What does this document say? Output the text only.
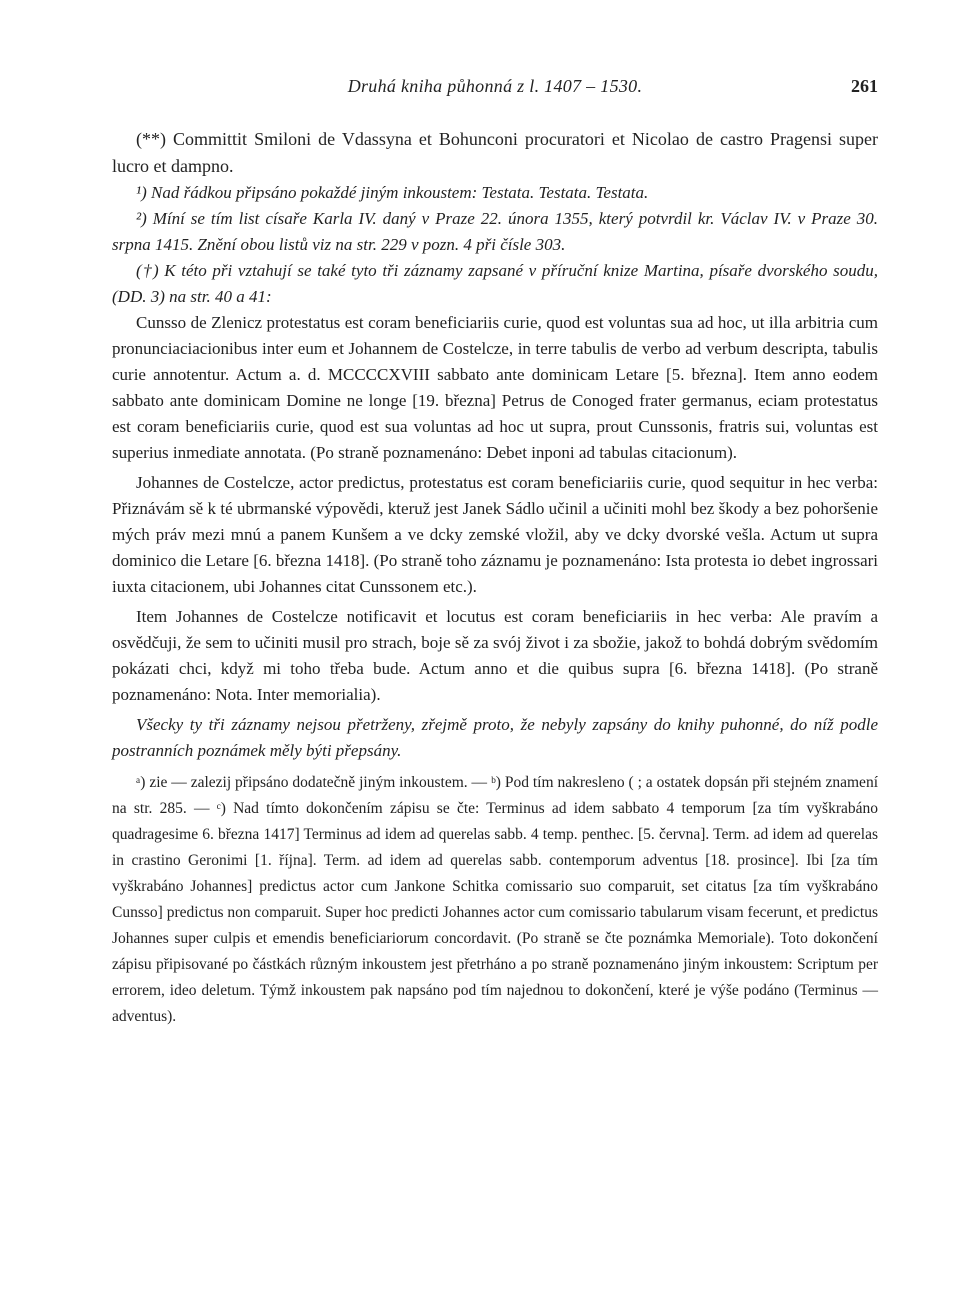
Druhá kniha půhonná z l. 1407 – 1530.	261

(**) Committit Smiloni de Vdassyna et Bohunconi procuratori et Nicolao de castro Pragensi super lucro et dampno.

¹) Nad řádkou připsáno pokaždé jiným inkoustem: Testata. Testata. Testata.

²) Míní se tím list císaře Karla IV. daný v Praze 22. února 1355, který potvrdil kr. Václav IV. v Praze 30. srpna 1415. Znění obou listů viz na str. 229 v pozn. 4 při čísle 303.

(†) K této při vztahují se také tyto tři záznamy zapsané v příruční knize Martina, písaře dvorského soudu, (DD. 3) na str. 40 a 41:

Cunsso de Zlenicz protestatus est coram beneficiariis curie, quod est voluntas sua ad hoc, ut illa arbitria cum pronunciaciacionibus inter eum et Johannem de Costelcze, in terre tabulis de verbo ad verbum descripta, tabulis curie annotentur. Actum a. d. MCCCCXVIII sabbato ante dominicam Letare [5. března]. Item anno eodem sabbato ante dominicam Domine ne longe [19. března] Petrus de Conoged frater germanus, eciam protestatus est coram beneficiariis curie, quod est sua voluntas ad hoc ut supra, prout Cunssonis, fratris sui, voluntas est superius inmediate annotata. (Po straně poznamenáno: Debet inponi ad tabulas citacionum).

Johannes de Costelcze, actor predictus, protestatus est coram beneficiariis curie, quod sequitur in hec verba: Přiznávám sě k té ubrmanské výpovědi, kteruž jest Janek Sádlo učinil a učiniti mohl bez škody a bez pohoršenie mých práv mezi mnú a panem Kunšem a ve dcky zemské vložil, aby ve dcky dvorské vešla. Actum ut supra dominico die Letare [6. března 1418]. (Po straně toho záznamu je poznamenáno: Ista protesta io debet ingrossari iuxta citacionem, ubi Johannes citat Cunssonem etc.).

Item Johannes de Costelcze notificavit et locutus est coram beneficiariis in hec verba: Ale pravím a osvědčuji, že sem to učiniti musil pro strach, boje sě za svój život i za sbožie, jakož to bohdá dobrým svědomím pokázati chci, když mi toho třeba bude. Actum anno et die quibus supra [6. března 1418]. (Po straně poznamenáno: Nota. Inter memorialia).

Všecky ty tři záznamy nejsou přetrženy, zřejmě proto, že nebyly zapsány do knihy puhonné, do níž podle postranních poznámek měly býti přepsány.

ᵃ) zie — zalezij připsáno dodatečně jiným inkoustem. — ᵇ) Pod tím nakresleno ( ; a ostatek dopsán při stejném znamení na str. 285. — ᶜ) Nad tímto dokončením zápisu se čte: Terminus ad idem sabbato 4 temporum [za tím vyškrabáno quadragesime 6. března 1417] Terminus ad idem ad querelas sabb. 4 temp. penthec. [5. června]. Term. ad idem ad querelas in crastino Geronimi [1. října]. Term. ad idem ad querelas sabb. contemporum adventus [18. prosince]. Ibi [za tím vyškrabáno Johannes] predictus actor cum Jankone Schitka comissario suo comparuit, set citatus [za tím vyškrabáno Cunsso] predictus non comparuit. Super hoc predicti Johannes actor cum comissario tabularum visam fecerunt, et predictus Johannes super culpis et emendis beneficiariorum concordavit. (Po straně se čte poznámka Memoriale). Toto dokončení zápisu připisované po částkách různým inkoustem jest přetrháno a po straně poznamenáno jiným inkoustem: Scriptum per errorem, ideo deletum. Týmž inkoustem pak napsáno pod tím najednou to dokončení, které je výše podáno (Terminus — adventus).
